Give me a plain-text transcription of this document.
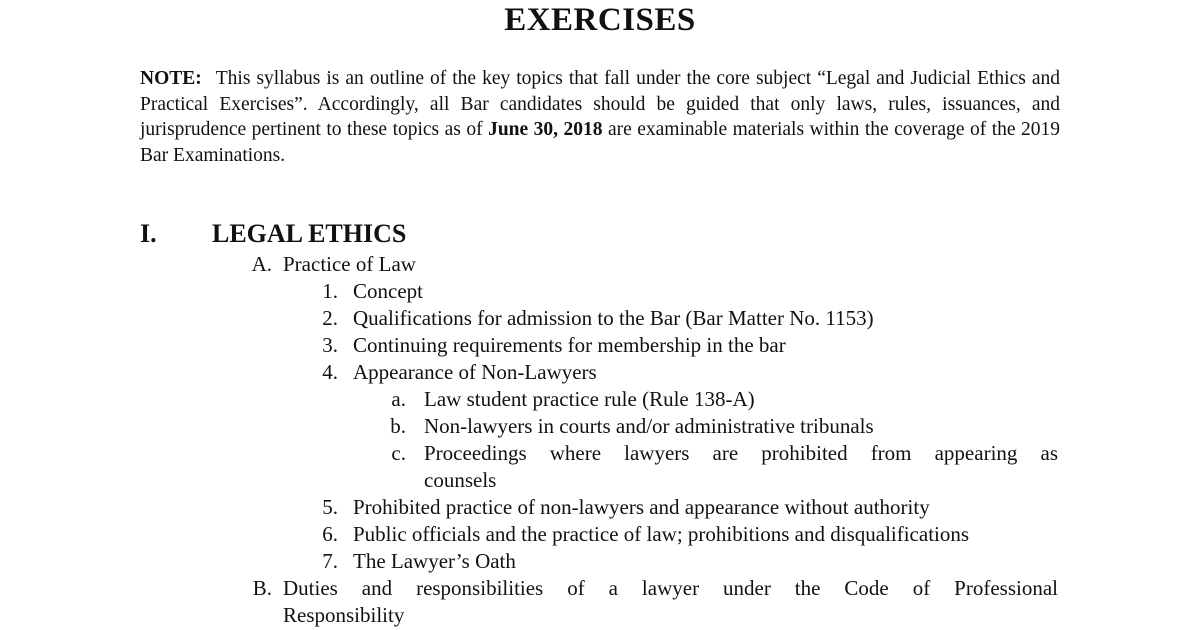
EXERCISES
NOTE: This syllabus is an outline of the key topics that fall under the core subject “Legal and Judicial Ethics and Practical Exercises”. Accordingly, all Bar candidates should be guided that only laws, rules, issuances, and jurisprudence pertinent to these topics as of June 30, 2018 are examinable materials within the coverage of the 2019 Bar Examinations.
I. LEGAL ETHICS
A. Practice of Law
1. Concept
2. Qualifications for admission to the Bar (Bar Matter No. 1153)
3. Continuing requirements for membership in the bar
4. Appearance of Non-Lawyers
a. Law student practice rule (Rule 138-A)
b. Non-lawyers in courts and/or administrative tribunals
c. Proceedings where lawyers are prohibited from appearing as
counsels
5. Prohibited practice of non-lawyers and appearance without authority
6. Public officials and the practice of law; prohibitions and disqualifications
7. The Lawyer’s Oath
B. Duties and responsibilities of a lawyer under the Code of Professional
Responsibility
